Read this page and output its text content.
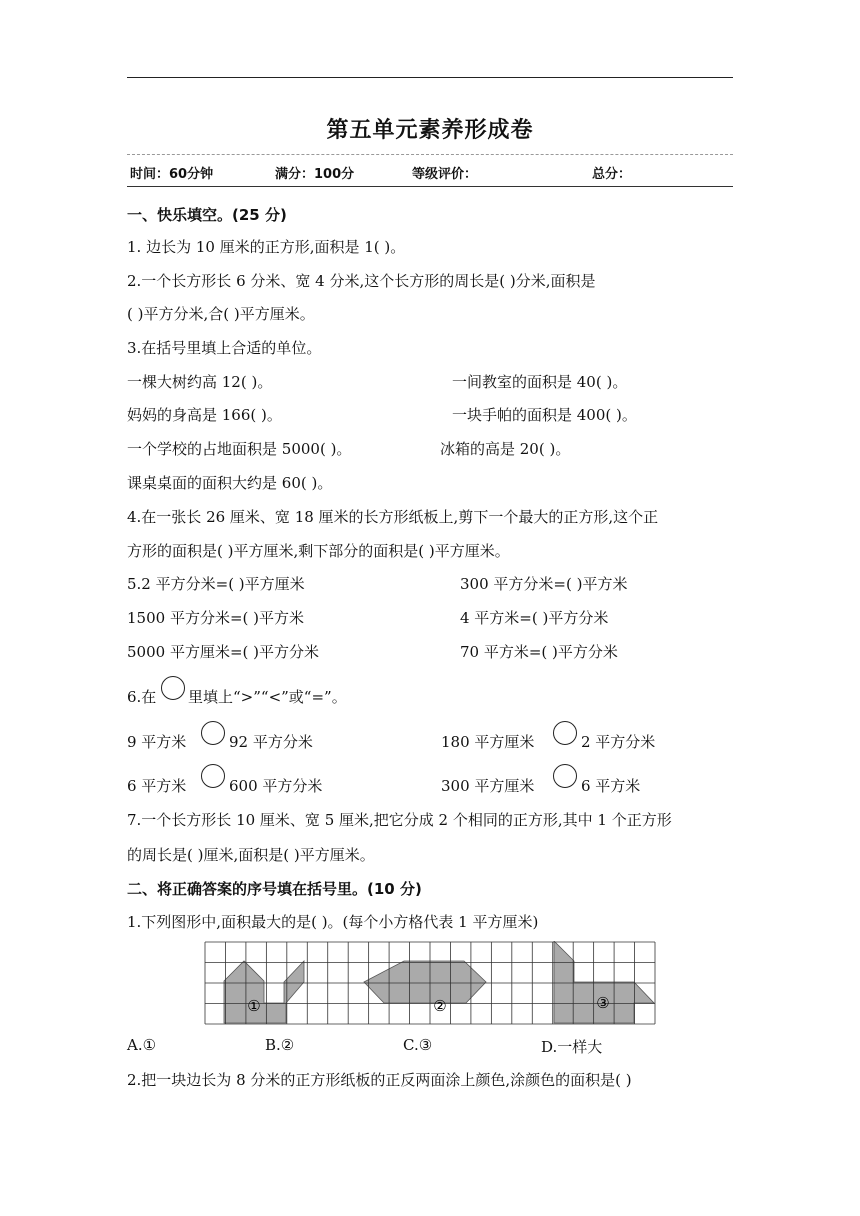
第五单元素养形成卷
时间：60分钟	满分：100分	等级评价：	总分：
一、快乐填空。(25 分)
1. 边长为 10 厘米的正方形,面积是 1( )。
2.一个长方形长 6 分米、宽 4 分米,这个长方形的周长是( )分米,面积是
( )平方分米,合( )平方厘米。
3.在括号里填上合适的单位。
一棵大树约高 12( )。	一间教室的面积是 40( )。
妈妈的身高是 166( )。	一块手帕的面积是 400( )。
一个学校的占地面积是 5000( )。	冰箱的高是 20( )。
课桌桌面的面积大约是 60( )。
4.在一张长 26 厘米、宽 18 厘米的长方形纸板上,剪下一个最大的正方形,这个正
方形的面积是( )平方厘米,剩下部分的面积是( )平方厘米。
5.2 平方分米=( )平方厘米	300 平方分米=( )平方米
1500 平方分米=( )平方米	4 平方米=( )平方分米
5000 平方厘米=( )平方分米	70 平方米=( )平方分米
6.在 里填上“>”“<”或“=”。
9 平方米	92 平方分米	180 平方厘米	2 平方分米
6 平方米	600 平方分米	300 平方厘米	6 平方米
7.一个长方形长 10 厘米、宽 5 厘米,把它分成 2 个相同的正方形,其中 1 个正方形
的周长是( )厘米,面积是( )平方厘米。
二、将正确答案的序号填在括号里。(10 分)
1.下列图形中,面积最大的是( )。(每个小方格代表 1 平方厘米)
①	②	③
A.①	B.②	C.③	D.一样大
2.把一块边长为 8 分米的正方形纸板的正反两面涂上颜色,涂颜色的面积是( )
